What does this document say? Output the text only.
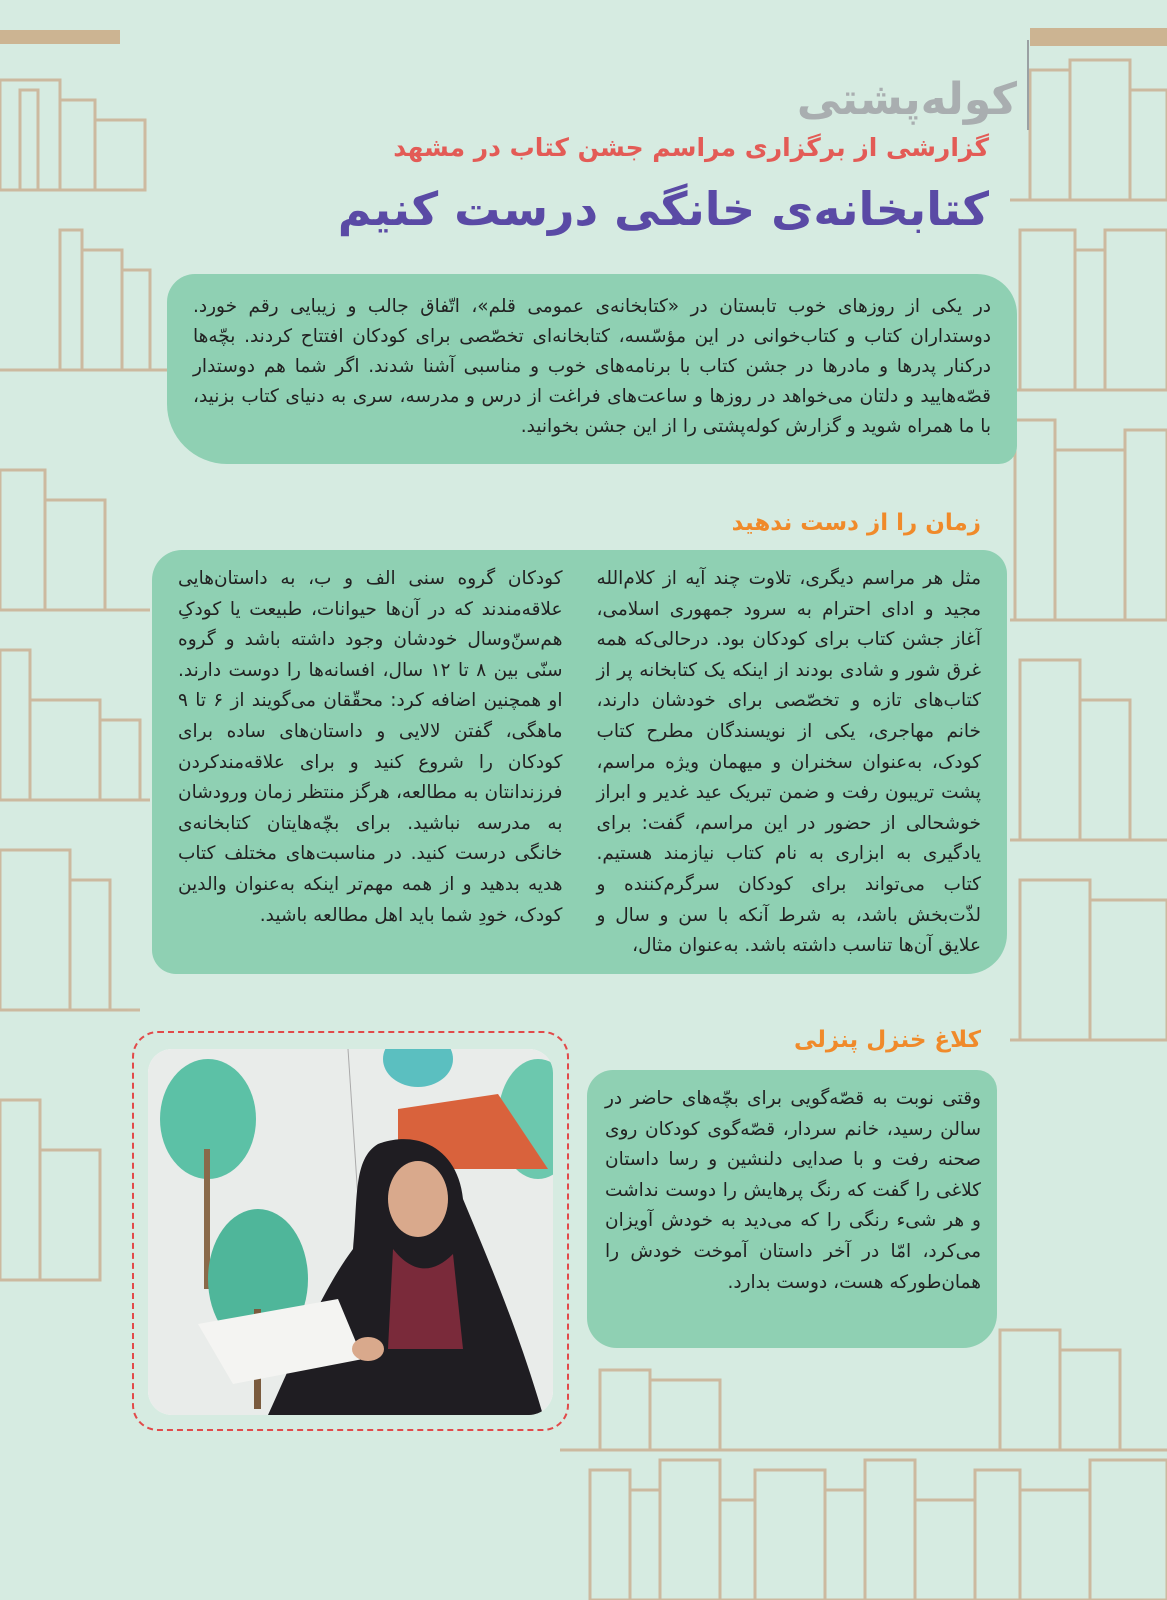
کوله‌پشتی
گزارشی از برگزاری مراسم جشن کتاب در مشهد
کتابخانه‌ی خانگی درست کنیم
در یکی از روزهای خوب تابستان در «کتابخانه‌ی عمومی قلم»، اتّفاق جالب و زیبایی رقم خورد. دوستداران کتاب و کتاب‌خوانی در این مؤسّسه، کتابخانه‌ای تخصّصی برای کودکان افتتاح کردند. بچّه‌ها درکنار پدرها و مادرها در جشن کتاب با برنامه‌های خوب و مناسبی آشنا شدند. اگر شما هم دوستدار قصّه‌هایید و دلتان می‌خواهد در روزها و ساعت‌های فراغت از درس و مدرسه، سری به دنیای کتاب بزنید، با ما همراه شوید و گزارش کوله‌پشتی را از این جشن بخوانید.
زمان را از دست ندهید
مثل هر مراسم دیگری، تلاوت چند آیه از کلام‌الله مجید و ادای احترام به سرود جمهوری اسلامی، آغاز جشن کتاب برای کودکان بود. درحالی‌که همه غرق شور و شادی بودند از اینکه یک کتابخانه پر از کتاب‌های تازه و تخصّصی برای خودشان دارند، خانم مهاجری، یکی از نویسندگان مطرح کتاب کودک، به‌عنوان سخنران و میهمان ویژه مراسم، پشت تریبون رفت و ضمن تبریک عید غدیر و ابراز خوشحالی از حضور در این مراسم، گفت: برای یادگیری به ابزاری به نام کتاب نیازمند هستیم. کتاب می‌تواند برای کودکان سرگرم‌کننده و لذّت‌بخش باشد، به شرط آنکه با سن و سال و علایق آن‌ها تناسب داشته باشد. به‌عنوان مثال،
کودکان گروه سنی الف و ب، به داستان‌هایی علاقه‌مندند که در آن‌ها حیوانات، طبیعت یا کودکِ هم‌سنّ‌وسال خودشان وجود داشته باشد و گروه سنّی بین ۸ تا ۱۲ سال، افسانه‌ها را دوست دارند. او همچنین اضافه کرد: محقّقان می‌گویند از ۶ تا ۹ ماهگی، گفتن لالایی و داستان‌های ساده برای کودکان را شروع کنید و برای علاقه‌مندکردن فرزندانتان به مطالعه، هرگز منتظر زمان ورودشان به مدرسه نباشید. برای بچّه‌هایتان کتابخانه‌ی خانگی درست کنید. در مناسبت‌های مختلف کتاب هدیه بدهید و از همه مهم‌تر اینکه به‌عنوان والدین کودک، خودِ شما باید اهل مطالعه باشید.
کلاغ خنزل پنزلی
وقتی نوبت به قصّه‌گویی برای بچّه‌های حاضر در سالن رسید، خانم سردار، قصّه‌گوی کودکان روی صحنه رفت و با صدایی دلنشین و رسا داستان کلاغی را گفت که رنگ پرهایش را دوست نداشت و هر شیء رنگی را که می‌دید به خودش آویزان می‌کرد، امّا در آخر داستان آموخت خودش را همان‌طورکه هست، دوست بدارد.
